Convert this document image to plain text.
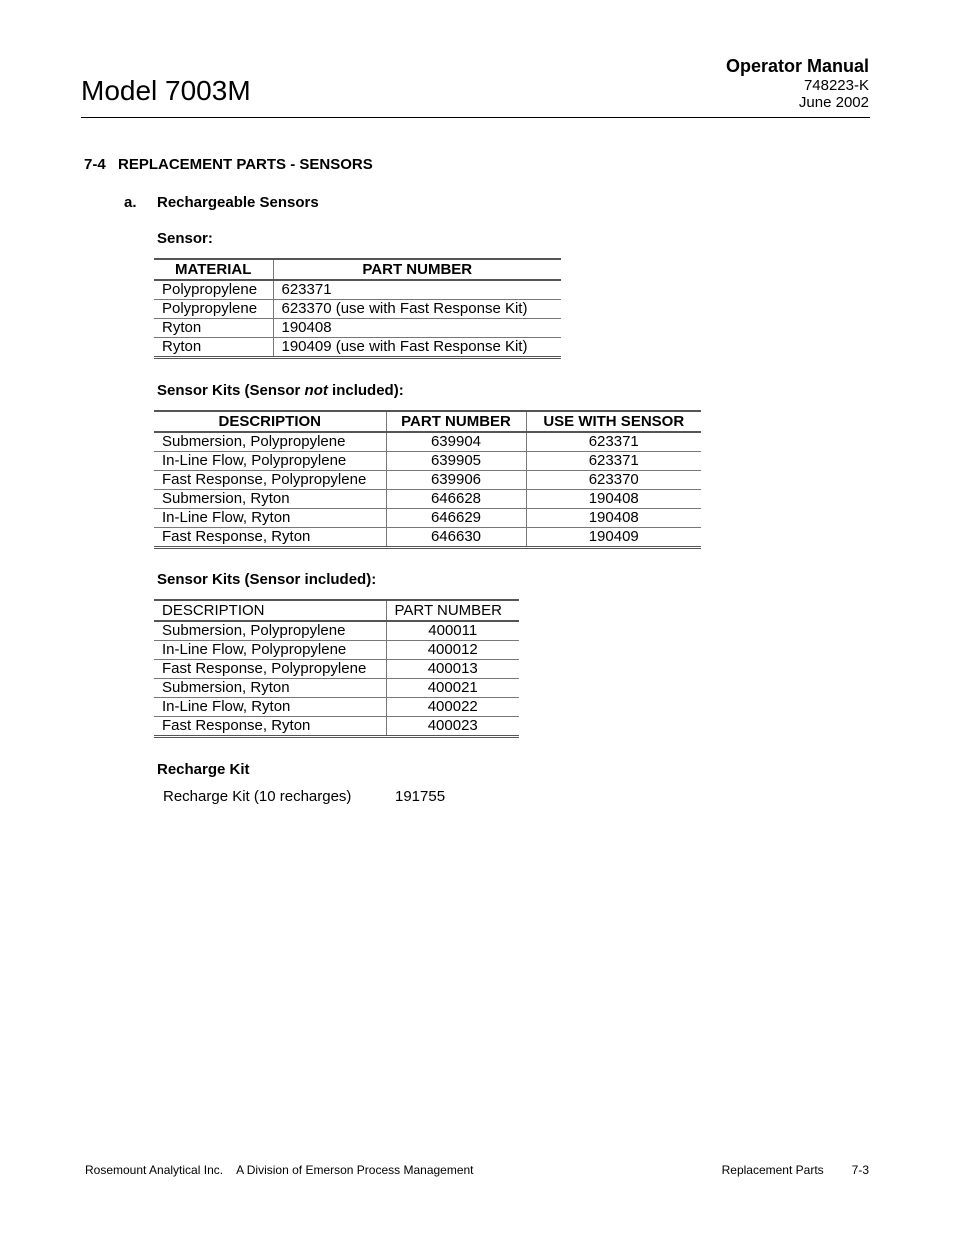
Model 7003M
Operator Manual
748223-K
June 2002
7-4 REPLACEMENT PARTS - SENSORS
a. Rechargeable Sensors
Sensor:
MATERIAL	PART NUMBER
Polypropylene	623371
Polypropylene	623370 (use with Fast Response Kit)
Ryton	190408
Ryton	190409 (use with Fast Response Kit)
Sensor Kits (Sensor not included):
DESCRIPTION	PART NUMBER	USE WITH SENSOR
Submersion, Polypropylene	639904	623371
In-Line Flow, Polypropylene	639905	623371
Fast Response, Polypropylene	639906	623370
Submersion, Ryton	646628	190408
In-Line Flow, Ryton	646629	190408
Fast Response, Ryton	646630	190409
Sensor Kits (Sensor included):
DESCRIPTION	PART NUMBER
Submersion, Polypropylene	400011
In-Line Flow, Polypropylene	400012
Fast Response, Polypropylene	400013
Submersion, Ryton	400021
In-Line Flow, Ryton	400022
Fast Response, Ryton	400023
Recharge Kit
Recharge Kit (10 recharges)	191755
Rosemount Analytical Inc. A Division of Emerson Process Management	Replacement Parts 7-3
